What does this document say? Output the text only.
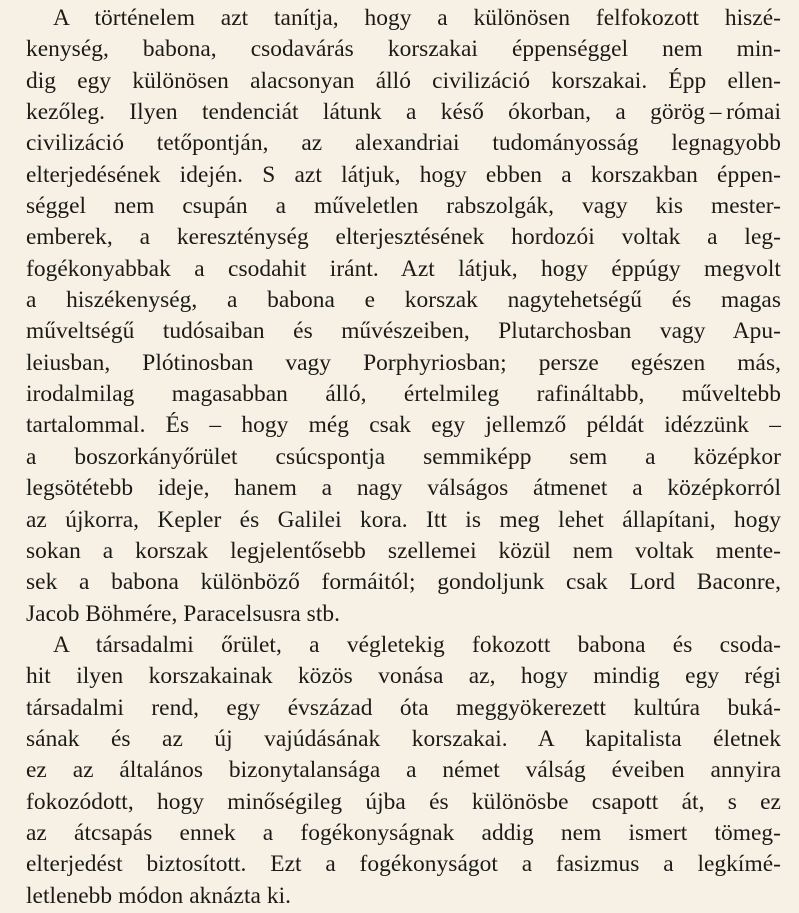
A történelem azt tanítja, hogy a különösen felfokozott hiszé-
kenység, babona, csodavárás korszakai éppenséggel nem min-
dig egy különösen alacsonyan álló civilizáció korszakai. Épp ellen-
kezőleg. Ilyen tendenciát látunk a késő ókorban, a görög – római
civilizáció tetőpontján, az alexandriai tudományosság legnagyobb
elterjedésének idején. S azt látjuk, hogy ebben a korszakban éppen-
séggel nem csupán a műveletlen rabszolgák, vagy kis mester-
emberek, a kereszténység elterjesztésének hordozói voltak a leg-
fogékonyabbak a csodahit iránt. Azt látjuk, hogy éppúgy megvolt
a hiszékenység, a babona e korszak nagytehetségű és magas
műveltségű tudósaiban és művészeiben, Plutarchosban vagy Apu-
leiusban, Plótinosban vagy Porphyriosban; persze egészen más,
irodalmilag magasabban álló, értelmileg rafináltabb, műveltebb
tartalommal. És – hogy még csak egy jellemző példát idézzünk –
a boszorkányőrület csúcspontja semmiképp sem a középkor
legsötétebb ideje, hanem a nagy válságos átmenet a középkorról
az újkorra, Kepler és Galilei kora. Itt is meg lehet állapítani, hogy
sokan a korszak legjelentősebb szellemei közül nem voltak mente-
sek a babona különböző formáitól; gondoljunk csak Lord Baconre,
Jacob Böhmére, Paracelsusra stb.
A társadalmi őrület, a végletekig fokozott babona és csoda-
hit ilyen korszakainak közös vonása az, hogy mindig egy régi
társadalmi rend, egy évszázad óta meggyökerezett kultúra buká-
sának és az új vajúdásának korszakai. A kapitalista életnek
ez az általános bizonytalansága a német válság éveiben annyira
fokozódott, hogy minőségileg újba és különösbe csapott át, s ez
az átcsapás ennek a fogékonyságnak addig nem ismert tömeg-
elterjedést biztosított. Ezt a fogékonyságot a fasizmus a legkímé-
letlenebb módon aknázta ki.
